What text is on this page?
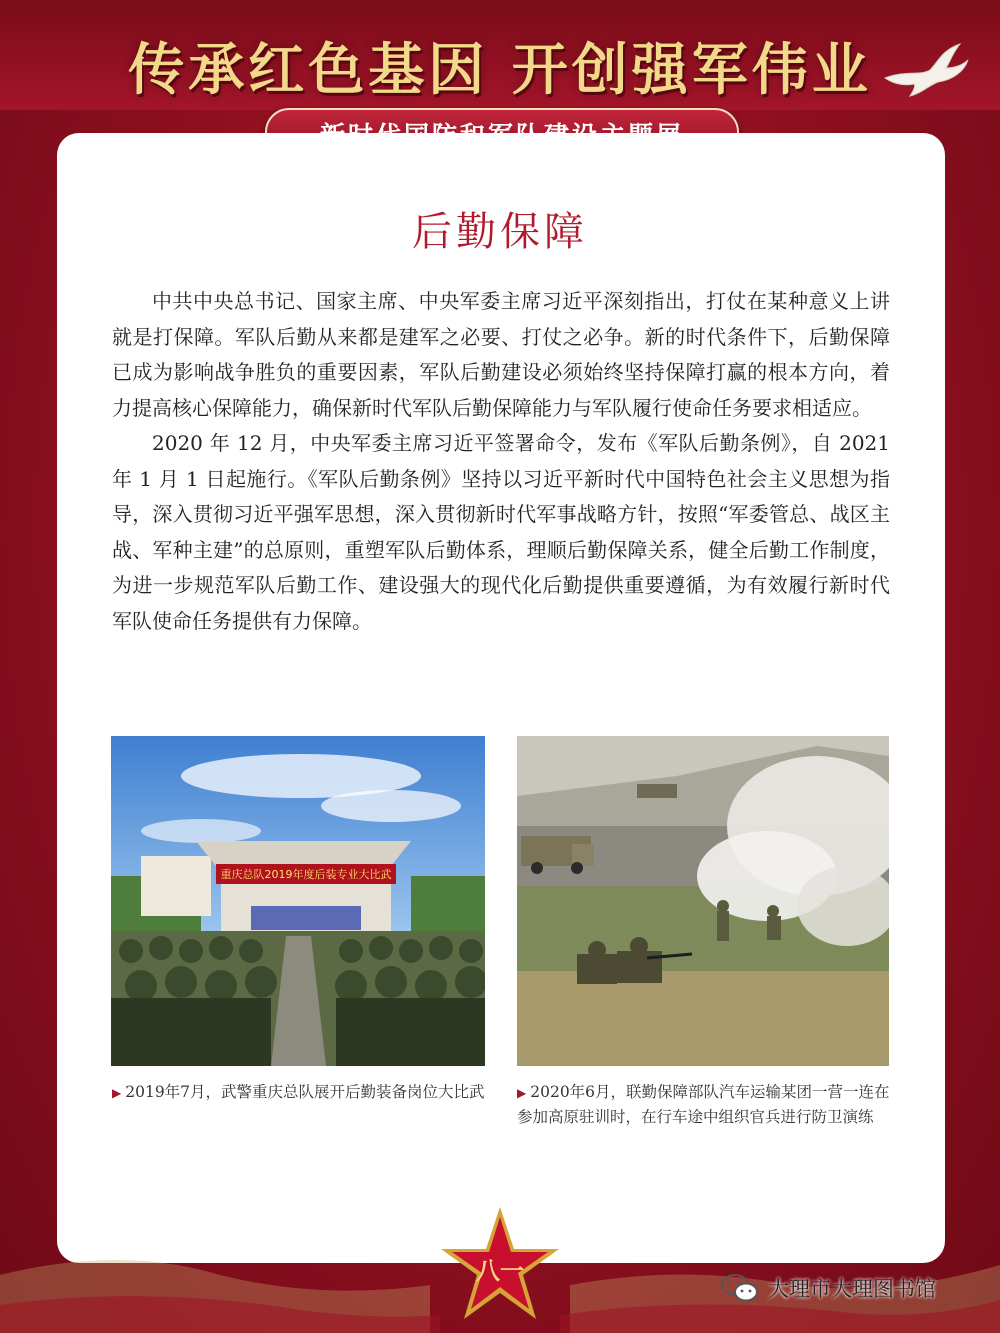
传承红色基因 开创强军伟业
后勤保障

中共中央总书记、国家主席、中央军委主席习近平深刻指出，打仗在某种意义上讲就是打保障。军队后勤从来都是建军之必要、打仗之必争。新的时代条件下，后勤保障已成为影响战争胜负的重要因素，军队后勤建设必须始终坚持保障打赢的根本方向，着力提高核心保障能力，确保新时代军队后勤保障能力与军队履行使命任务要求相适应。

2020 年 12 月，中央军委主席习近平签署命令，发布《军队后勤条例》，自 2021 年 1 月 1 日起施行。《军队后勤条例》坚持以习近平新时代中国特色社会主义思想为指导，深入贯彻习近平强军思想，深入贯彻新时代军事战略方针，按照“军委管总、战区主战、军种主建”的总原则，重塑军队后勤体系，理顺后勤保障关系，健全后勤工作制度，为进一步规范军队后勤工作、建设强大的现代化后勤提供重要遵循，为有效履行新时代军队使命任务提供有力保障。

重庆总队2019年度后装专业大比武
▶ 2019年7月，武警重庆总队展开后勤装备岗位大比武	▶ 2020年6月，联勤保障部队汽车运输某团一营一连在参加高原驻训时，在行车途中组织官兵进行防卫演练
八一
大理市大理图书馆
